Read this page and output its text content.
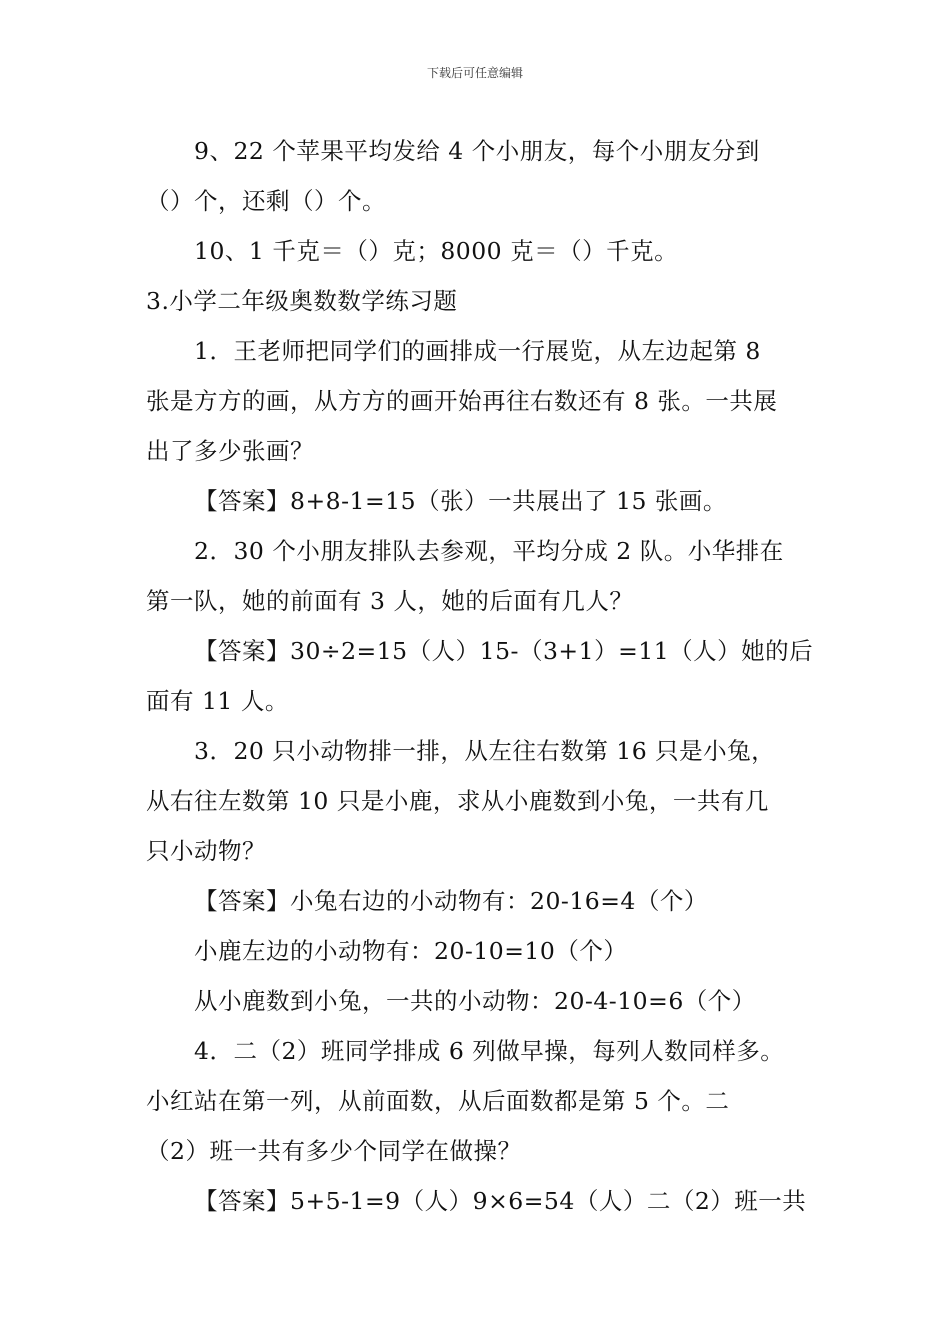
下载后可任意编辑
9、22 个苹果平均发给 4 个小朋友，每个小朋友分到
（）个，还剩（）个。
10、1 千克＝（）克；8000 克＝（）千克。
3.小学二年级奥数数学练习题
1．王老师把同学们的画排成一行展览，从左边起第 8
张是方方的画，从方方的画开始再往右数还有 8 张。一共展
出了多少张画？
【答案】8+8-1=15（张）一共展出了 15 张画。
2．30 个小朋友排队去参观，平均分成 2 队。小华排在
第一队，她的前面有 3 人，她的后面有几人？
【答案】30÷2=15（人）15-（3+1）=11（人）她的后
面有 11 人。
3．20 只小动物排一排，从左往右数第 16 只是小兔，
从右往左数第 10 只是小鹿，求从小鹿数到小兔，一共有几
只小动物？
【答案】小兔右边的小动物有：20-16=4（个）
小鹿左边的小动物有：20-10=10（个）
从小鹿数到小兔，一共的小动物：20-4-10=6（个）
4．二（2）班同学排成 6 列做早操，每列人数同样多。
小红站在第一列，从前面数，从后面数都是第 5 个。二
（2）班一共有多少个同学在做操？
【答案】5+5-1=9（人）9×6=54（人）二（2）班一共
